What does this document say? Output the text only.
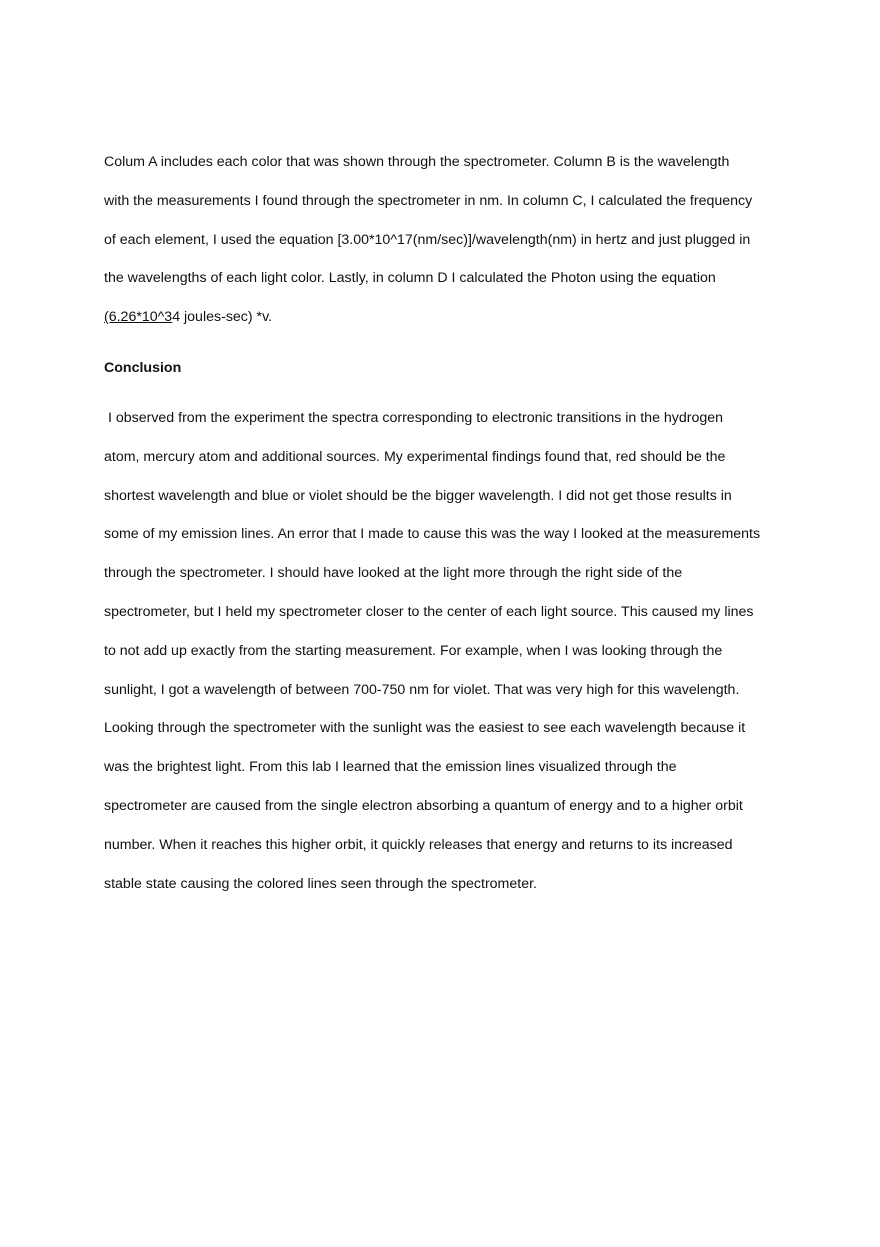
Colum A includes each color that was shown through the spectrometer. Column B is the wavelength

with the measurements I found through the spectrometer in nm. In column C, I calculated the frequency

of each element, I used the equation [3.00*10^17(nm/sec)]/wavelength(nm) in hertz and just plugged in

the wavelengths of each light color. Lastly, in column D I calculated the Photon using the equation

(6.26*10^34 joules-sec) *v.

Conclusion

I observed from the experiment the spectra corresponding to electronic transitions in the hydrogen

atom, mercury atom and additional sources. My experimental findings found that, red should be the

shortest wavelength and blue or violet should be the bigger wavelength. I did not get those results in

some of my emission lines. An error that I made to cause this was the way I looked at the measurements

through the spectrometer. I should have looked at the light more through the right side of the

spectrometer, but I held my spectrometer closer to the center of each light source. This caused my lines

to not add up exactly from the starting measurement. For example, when I was looking through the

sunlight, I got a wavelength of between 700-750 nm for violet. That was very high for this wavelength.

Looking through the spectrometer with the sunlight was the easiest to see each wavelength because it

was the brightest light. From this lab I learned that the emission lines visualized through the

spectrometer are caused from the single electron absorbing a quantum of energy and to a higher orbit

number. When it reaches this higher orbit, it quickly releases that energy and returns to its increased

stable state causing the colored lines seen through the spectrometer.
